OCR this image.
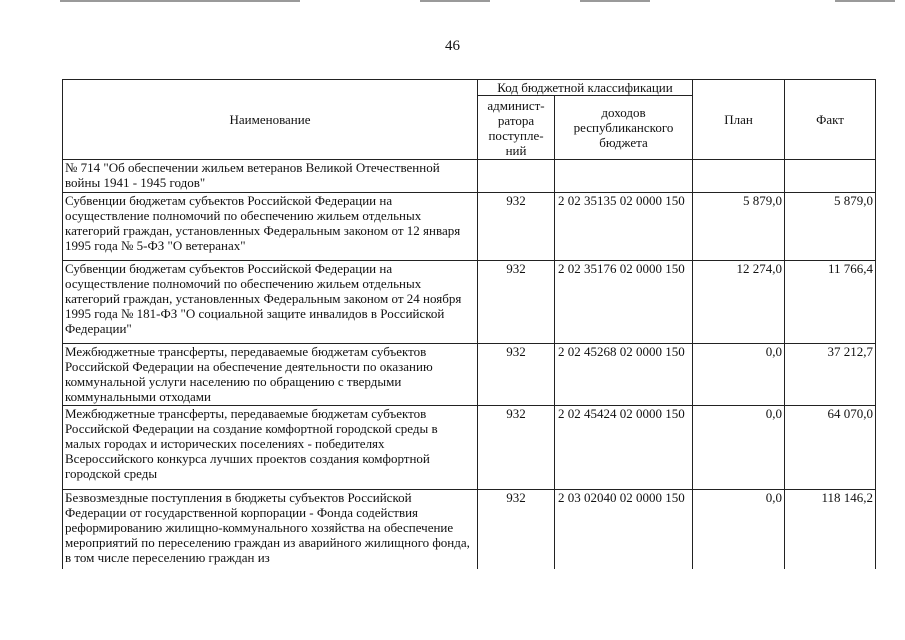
46
Наименование	Код бюджетной классификации		План	Факт
	админист-ратора поступле-ний	доходов республиканского бюджета		
№ 714 "Об обеспечении жильем ветеранов Великой Отечественной войны 1941 - 1945 годов"				
Субвенции бюджетам субъектов Российской Федерации на осуществление полномочий по обеспечению жильем отдельных категорий граждан, установленных Федеральным законом от 12 января 1995 года № 5-ФЗ "О ветеранах"	932	2 02 35135 02 0000 150	5 879,0	5 879,0
Субвенции бюджетам субъектов Российской Федерации на осуществление полномочий по обеспечению жильем отдельных категорий граждан, установленных Федеральным законом от 24 ноября 1995 года № 181-ФЗ "О социальной защите инвалидов в Российской Федерации"	932	2 02 35176 02 0000 150	12 274,0	11 766,4
Межбюджетные трансферты, передаваемые бюджетам субъектов Российской Федерации на обеспечение деятельности по оказанию коммунальной услуги населению по обращению с твердыми коммунальными отходами	932	2 02 45268 02 0000 150	0,0	37 212,7
Межбюджетные трансферты, передаваемые бюджетам субъектов Российской Федерации на создание комфортной городской среды в малых городах и исторических поселениях - победителях Всероссийского конкурса лучших проектов создания комфортной городской среды	932	2 02 45424 02 0000 150	0,0	64 070,0
Безвозмездные поступления в бюджеты субъектов Российской Федерации от государственной корпорации - Фонда содействия реформированию жилищно-коммунального хозяйства на обеспечение мероприятий по переселению граждан из аварийного жилищного фонда, в том числе переселению граждан из	932	2 03 02040 02 0000 150	0,0	118 146,2
